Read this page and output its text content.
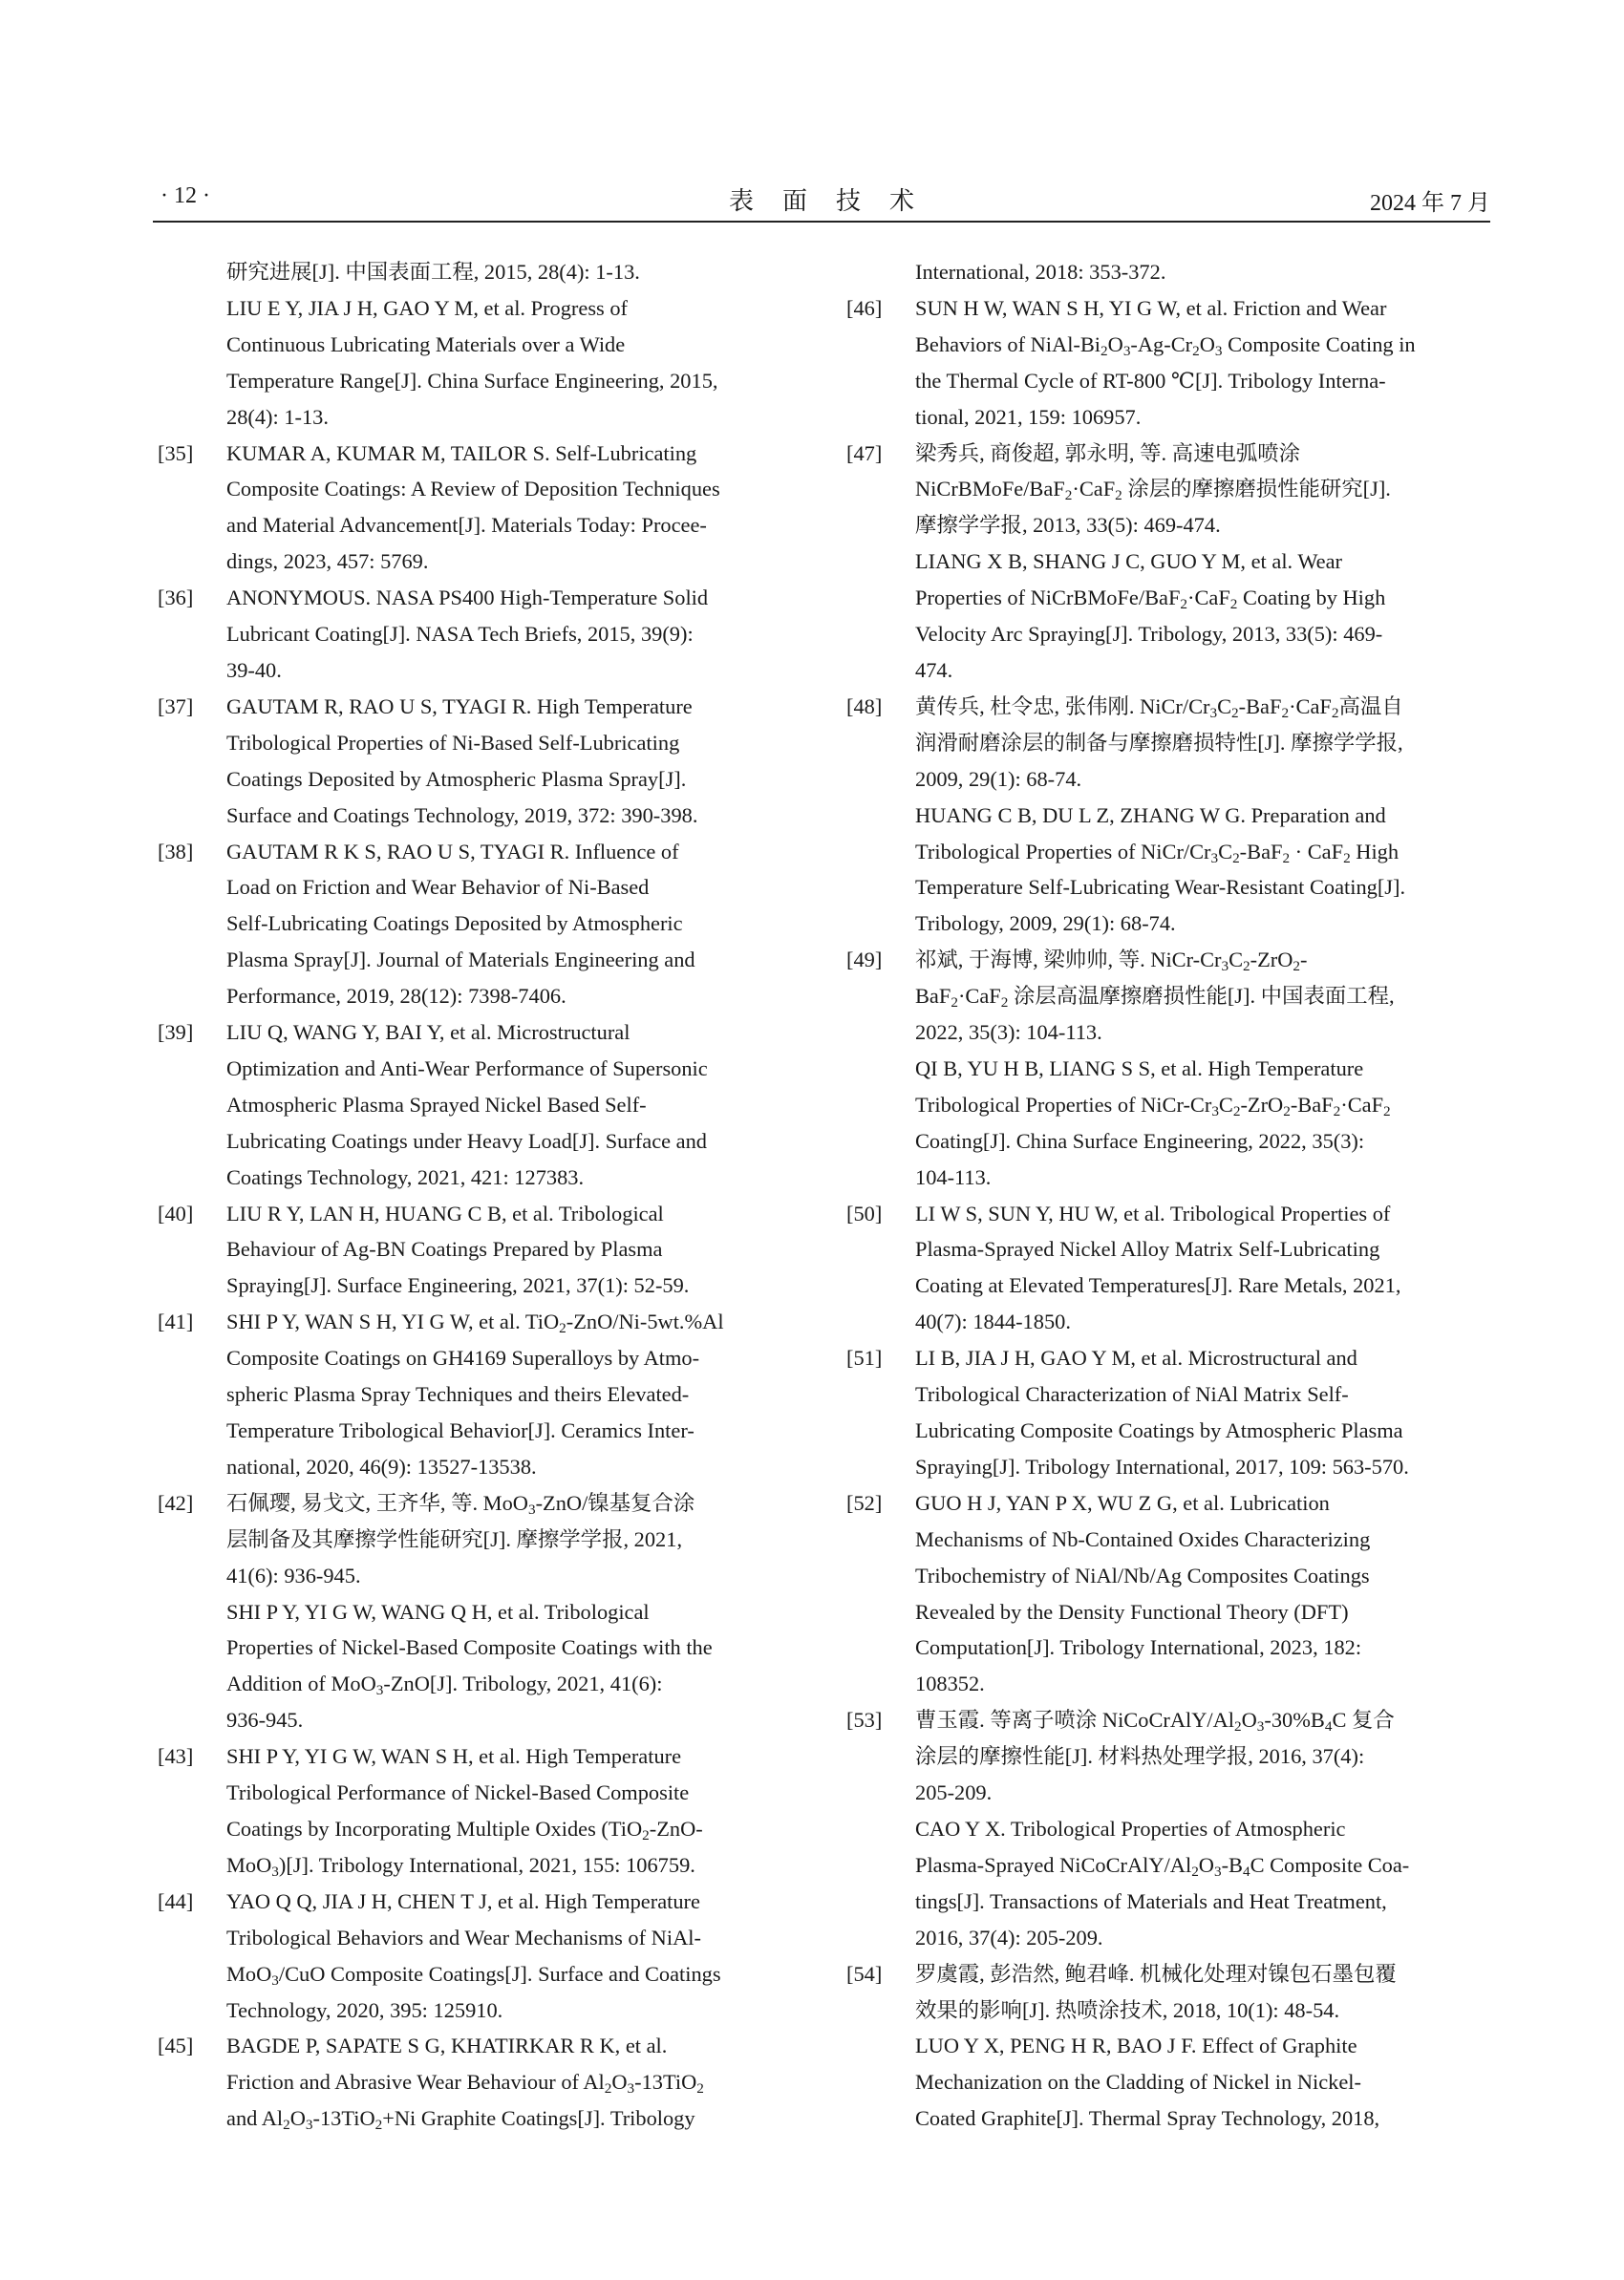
· 12 ·	表面技术	2024 年 7 月
研究进展[J]. 中国表面工程, 2015, 28(4): 1-13.
LIU E Y, JIA J H, GAO Y M, et al. Progress of
Continuous Lubricating Materials over a Wide
Temperature Range[J]. China Surface Engineering, 2015,
28(4): 1-13.
[35] KUMAR A, KUMAR M, TAILOR S. Self-Lubricating
Composite Coatings: A Review of Deposition Techniques
and Material Advancement[J]. Materials Today: Procee-
dings, 2023, 457: 5769.
[36] ANONYMOUS. NASA PS400 High-Temperature Solid
Lubricant Coating[J]. NASA Tech Briefs, 2015, 39(9):
39-40.
[37] GAUTAM R, RAO U S, TYAGI R. High Temperature
Tribological Properties of Ni-Based Self-Lubricating
Coatings Deposited by Atmospheric Plasma Spray[J].
Surface and Coatings Technology, 2019, 372: 390-398.
[38] GAUTAM R K S, RAO U S, TYAGI R. Influence of
Load on Friction and Wear Behavior of Ni-Based
Self-Lubricating Coatings Deposited by Atmospheric
Plasma Spray[J]. Journal of Materials Engineering and
Performance, 2019, 28(12): 7398-7406.
[39] LIU Q, WANG Y, BAI Y, et al. Microstructural
Optimization and Anti-Wear Performance of Supersonic
Atmospheric Plasma Sprayed Nickel Based Self-
Lubricating Coatings under Heavy Load[J]. Surface and
Coatings Technology, 2021, 421: 127383.
[40] LIU R Y, LAN H, HUANG C B, et al. Tribological
Behaviour of Ag-BN Coatings Prepared by Plasma
Spraying[J]. Surface Engineering, 2021, 37(1): 52-59.
[41] SHI P Y, WAN S H, YI G W, et al. TiO$_2$-ZnO/Ni-5wt.%Al
Composite Coatings on GH4169 Superalloys by Atmo-
spheric Plasma Spray Techniques and theirs Elevated-
Temperature Tribological Behavior[J]. Ceramics Inter-
national, 2020, 46(9): 13527-13538.
[42] 石佩璎, 易戈文, 王齐华, 等. MoO$_3$-ZnO/镍基复合涂
层制备及其摩擦学性能研究[J]. 摩擦学学报, 2021,
41(6): 936-945.
SHI P Y, YI G W, WANG Q H, et al. Tribological
Properties of Nickel-Based Composite Coatings with the
Addition of MoO$_3$-ZnO[J]. Tribology, 2021, 41(6):
936-945.
[43] SHI P Y, YI G W, WAN S H, et al. High Temperature
Tribological Performance of Nickel-Based Composite
Coatings by Incorporating Multiple Oxides (TiO$_2$-ZnO-
MoO$_3$)[J]. Tribology International, 2021, 155: 106759.
[44] YAO Q Q, JIA J H, CHEN T J, et al. High Temperature
Tribological Behaviors and Wear Mechanisms of NiAl-
MoO$_3$/CuO Composite Coatings[J]. Surface and Coatings
Technology, 2020, 395: 125910.
[45] BAGDE P, SAPATE S G, KHATIRKAR R K, et al.
Friction and Abrasive Wear Behaviour of $Al_2O_3-13TiO_2$
and $Al_2O_3-13TiO_2+Ni$ Graphite Coatings[J]. Tribology
International, 2018: 353-372.
[46] SUN H W, WAN S H, YI G W, et al. Friction and Wear
Behaviors of NiAl-$Bi_2O_3-Ag-Cr_2O_3$ Composite Coating in
the Thermal Cycle of RT-800 ℃[J]. Tribology Interna-
tional, 2021, 159: 106957.
[47] 梁秀兵, 商俊超, 郭永明, 等. 高速电弧喷涂
NiCrBMoFe/BaF$_2$·CaF$_2$ 涂层的摩擦磨损性能研究[J].
摩擦学学报, 2013, 33(5): 469-474.
LIANG X B, SHANG J C, GUO Y M, et al. Wear
Properties of NiCrBMoFe/BaF$_2$·CaF$_2$ Coating by High
Velocity Arc Spraying[J]. Tribology, 2013, 33(5): 469-
474.
[48] 黄传兵, 杜令忠, 张伟刚. NiCr/$Cr_3C_2-BaF_2\cdot CaF_2$高温自
润滑耐磨涂层的制备与摩擦磨损特性[J]. 摩擦学学报,
2009, 29(1): 68-74.
HUANG C B, DU L Z, ZHANG W G. Preparation and
Tribological Properties of NiCr/$Cr_3C_2-BaF_2 \cdot CaF_2$ High
Temperature Self-Lubricating Wear-Resistant Coating[J].
Tribology, 2009, 29(1): 68-74.
[49] 祁斌, 于海博, 梁帅帅, 等. NiCr-$Cr_3C_2-ZrO_2-$
BaF$_2$·CaF$_2$ 涂层高温摩擦磨损性能[J]. 中国表面工程,
2022, 35(3): 104-113.
QI B, YU H B, LIANG S S, et al. High Temperature
Tribological Properties of NiCr-$Cr_3C_2-ZrO_2-BaF_2\cdot CaF_2$
Coating[J]. China Surface Engineering, 2022, 35(3):
104-113.
[50] LI W S, SUN Y, HU W, et al. Tribological Properties of
Plasma-Sprayed Nickel Alloy Matrix Self-Lubricating
Coating at Elevated Temperatures[J]. Rare Metals, 2021,
40(7): 1844-1850.
[51] LI B, JIA J H, GAO Y M, et al. Microstructural and
Tribological Characterization of NiAl Matrix Self-
Lubricating Composite Coatings by Atmospheric Plasma
Spraying[J]. Tribology International, 2017, 109: 563-570.
[52] GUO H J, YAN P X, WU Z G, et al. Lubrication
Mechanisms of Nb-Contained Oxides Characterizing
Tribochemistry of NiAl/Nb/Ag Composites Coatings
Revealed by the Density Functional Theory (DFT)
Computation[J]. Tribology International, 2023, 182:
108352.
[53] 曹玉霞. 等离子喷涂 NiCoCrAlY/$Al_2O_3-30\%B_4C$ 复合
涂层的摩擦性能[J]. 材料热处理学报, 2016, 37(4):
205-209.
CAO Y X. Tribological Properties of Atmospheric
Plasma-Sprayed NiCoCrAlY/$Al_2O_3-B_4C$ Composite Coa-
tings[J]. Transactions of Materials and Heat Treatment,
2016, 37(4): 205-209.
[54] 罗虞霞, 彭浩然, 鲍君峰. 机械化处理对镍包石墨包覆
效果的影响[J]. 热喷涂技术, 2018, 10(1): 48-54.
LUO Y X, PENG H R, BAO J F. Effect of Graphite
Mechanization on the Cladding of Nickel in Nickel-
Coated Graphite[J]. Thermal Spray Technology, 2018,
